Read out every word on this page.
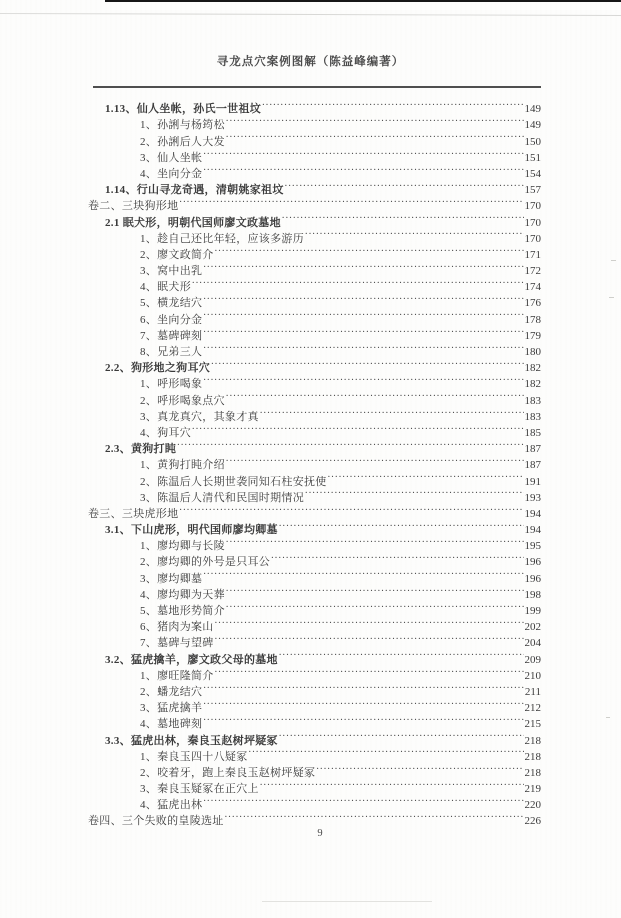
寻龙点穴案例图解（陈益峰编著）
1.13、仙人坐帐，孙氏一世祖坟 .....	149
1、孙誗与杨筠松 .....	149
2、孙誗后人大发 .....	150
3、仙人坐帐 .....	151
4、坐向分金 .....	154
1.14、行山寻龙奇遇，清朝姚家祖坟 .....	157
卷二、三块狗形地 .....	170
2.1 眠犬形，明朝代国师廖文政墓地 .....	170
1、趁自己还比年轻，应该多游历 .....	170
2、廖文政简介 .....	171
3、窝中出乳 .....	172
4、眠犬形 .....	174
5、横龙结穴 .....	176
6、坐向分金 .....	178
7、墓碑碑刻 .....	179
8、兄弟三人 .....	180
2.2、狗形地之狗耳穴 .....	182
1、呼形喝象 .....	182
2、呼形喝象点穴 .....	183
3、真龙真穴，其象才真 .....	183
4、狗耳穴 .....	185
2.3、黄狗打盹 .....	187
1、黄狗打盹介绍 .....	187
2、陈温后人长期世袭同知石柱安抚使 .....	191
3、陈温后人清代和民国时期情况 .....	193
卷三、三块虎形地 .....	194
3.1、下山虎形，明代国师廖均卿墓 .....	194
1、廖均卿与长陵 .....	195
2、廖均卿的外号是只耳公 .....	196
3、廖均卿墓 .....	196
4、廖均卿为天葬 .....	198
5、墓地形势简介 .....	199
6、猪肉为案山 .....	202
7、墓碑与望碑 .....	204
3.2、猛虎擒羊，廖文政父母的墓地 .....	209
1、廖旺隆简介 .....	210
2、蟠龙结穴 .....	211
3、猛虎擒羊 .....	212
4、墓地碑刻 .....	215
3.3、猛虎出林，秦良玉赵树坪疑冢 .....	218
1、秦良玉四十八疑冢 .....	218
2、咬着牙，跑上秦良玉赵树坪疑冢 .....	218
3、秦良玉疑冢在正穴上 .....	219
4、猛虎出林 .....	220
卷四、三个失败的皇陵选址 .....	226
9
